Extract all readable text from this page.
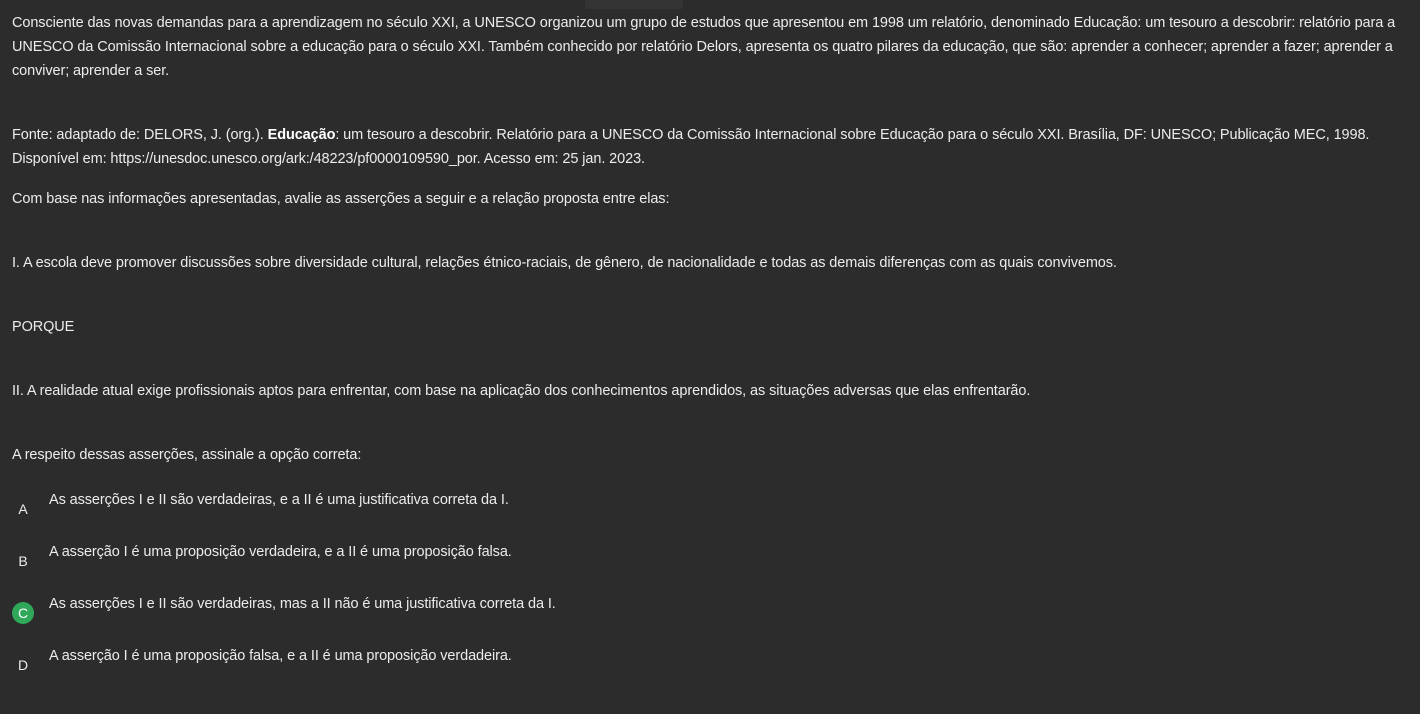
Consciente das novas demandas para a aprendizagem no século XXI, a UNESCO organizou um grupo de estudos que apresentou em 1998 um relatório, denominado Educação: um tesouro a descobrir: relatório para a UNESCO da Comissão Internacional sobre a educação para o século XXI. Também conhecido por relatório Delors, apresenta os quatro pilares da educação, que são: aprender a conhecer; aprender a fazer; aprender a conviver; aprender a ser.

Fonte: adaptado de: DELORS, J. (org.). Educação: um tesouro a descobrir. Relatório para a UNESCO da Comissão Internacional sobre Educação para o século XXI. Brasília, DF: UNESCO; Publicação MEC, 1998. Disponível em: https://unesdoc.unesco.org/ark:/48223/pf0000109590_por. Acesso em: 25 jan. 2023.

Com base nas informações apresentadas, avalie as asserções a seguir e a relação proposta entre elas:

I. A escola deve promover discussões sobre diversidade cultural, relações étnico-raciais, de gênero, de nacionalidade e todas as demais diferenças com as quais convivemos.

PORQUE

II. A realidade atual exige profissionais aptos para enfrentar, com base na aplicação dos conhecimentos aprendidos, as situações adversas que elas enfrentarão.

A respeito dessas asserções, assinale a opção correta:

A
As asserções I e II são verdadeiras, e a II é uma justificativa correta da I.
B
A asserção I é uma proposição verdadeira, e a II é uma proposição falsa.
C
As asserções I e II são verdadeiras, mas a II não é uma justificativa correta da I.
D
A asserção I é uma proposição falsa, e a II é uma proposição verdadeira.
